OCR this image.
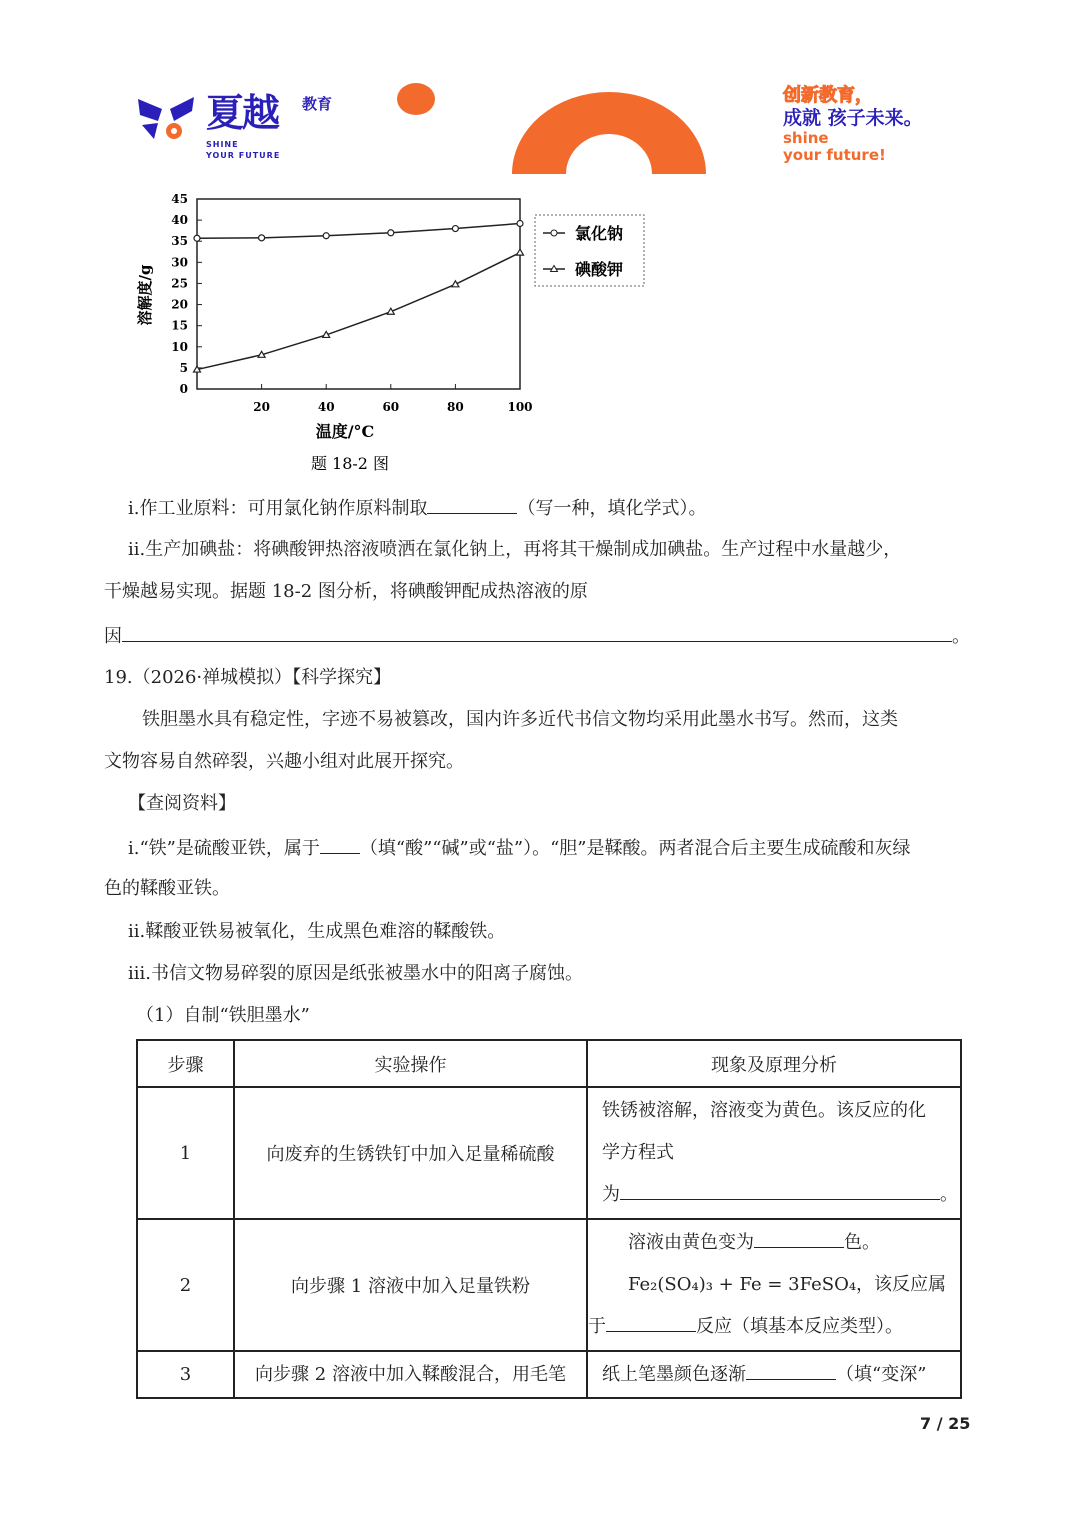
夏越 教育
SHINE
YOUR FUTURE
创新教育，
成就 孩子未来。
shine
your future!
0
5
10
15
20
25
30
35
40
45
20	40	60	80	100
温度/°C
溶解度/g
题 18-2 图
氯化钠
碘酸钾
i.作工业原料：可用氯化钠作原料制取	（写一种，填化学式）。
ii.生产加碘盐：将碘酸钾热溶液喷洒在氯化钠上，再将其干燥制成加碘盐。生产过程中水量越少，
干燥越易实现。据题 18-2 图分析，将碘酸钾配成热溶液的原
因	。
19.（2026·禅城模拟）【科学探究】
铁胆墨水具有稳定性，字迹不易被篡改，国内许多近代书信文物均采用此墨水书写。然而，这类
文物容易自然碎裂，兴趣小组对此展开探究。
【查阅资料】
i.“铁”是硫酸亚铁，属于 （填“酸”“碱”或“盐”）。“胆”是鞣酸。两者混合后主要生成硫酸和灰绿
色的鞣酸亚铁。
ii.鞣酸亚铁易被氧化，生成黑色难溶的鞣酸铁。
iii.书信文物易碎裂的原因是纸张被墨水中的阳离子腐蚀。
（1）自制“铁胆墨水”
步骤	实验操作	现象及原理分析
1	向废弃的生锈铁钉中加入足量稀硫酸	铁锈被溶解，溶液变为黄色。该反应的化
学方程式
为 。

2	向步骤 1 溶液中加入足量铁粉	溶液由黄色变为 色。
Fe₂(SO₄)₃ + Fe = 3FeSO₄，该反应属
于 反应（填基本反应类型）。

3	向步骤 2 溶液中加入鞣酸混合，用毛笔	纸上笔墨颜色逐渐 （填“变深”
7 / 25
